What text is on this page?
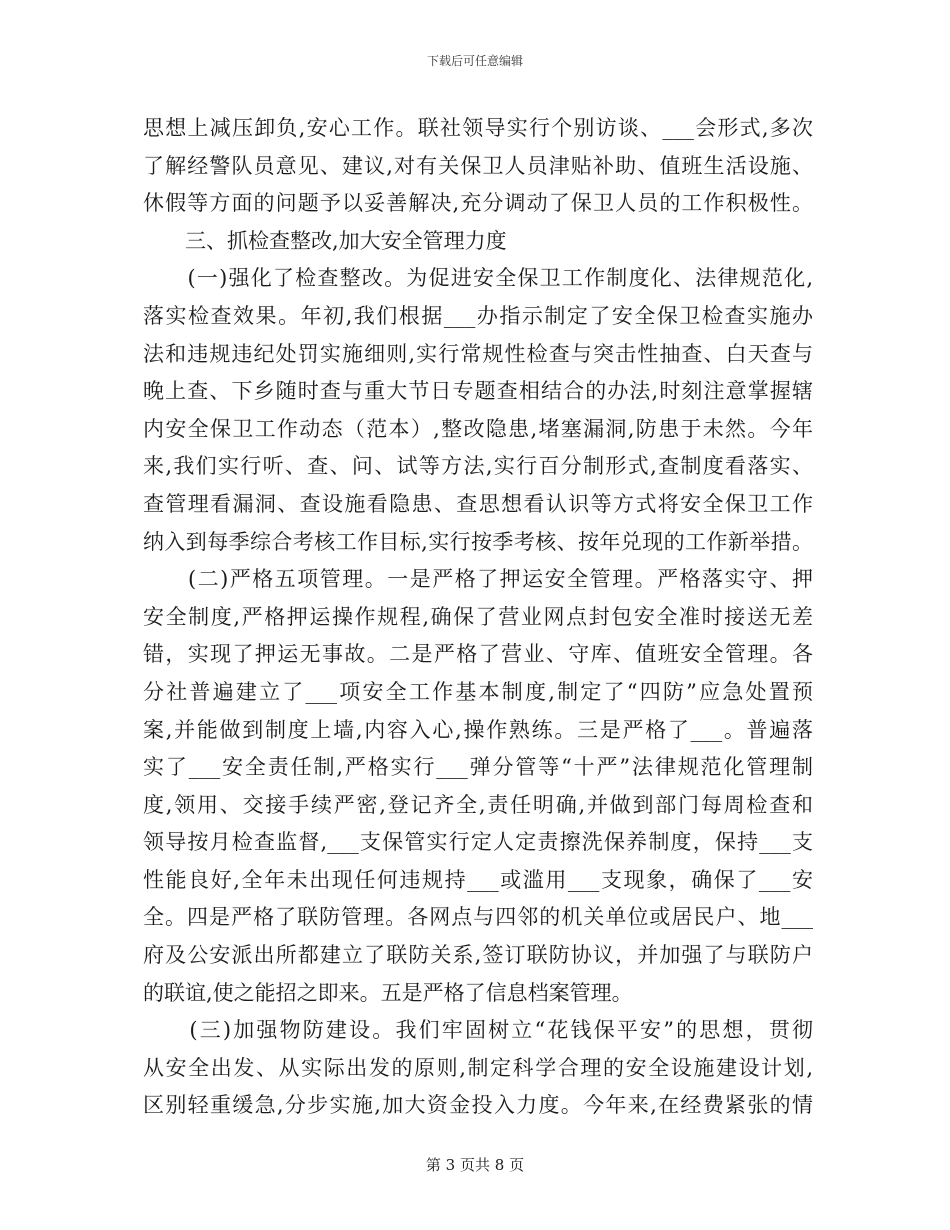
下载后可任意编辑
思想上减压卸负,安心工作。联社领导实行个别访谈、___会形式,多次
了解经警队员意见、建议,对有关保卫人员津贴补助、值班生活设施、
休假等方面的问题予以妥善解决,充分调动了保卫人员的工作积极性。
　　三、抓检查整改,加大安全管理力度
　　(一)强化了检查整改。为促进安全保卫工作制度化、法律规范化,
落实检查效果。年初,我们根据___办指示制定了安全保卫检查实施办
法和违规违纪处罚实施细则,实行常规性检查与突击性抽查、白天查与
晚上查、下乡随时查与重大节日专题查相结合的办法,时刻注意掌握辖
内安全保卫工作动态（范本）,整改隐患,堵塞漏洞,防患于未然。今年
来,我们实行听、查、问、试等方法,实行百分制形式,查制度看落实、
查管理看漏洞、查设施看隐患、查思想看认识等方式将安全保卫工作
纳入到每季综合考核工作目标,实行按季考核、按年兑现的工作新举措。
　　(二)严格五项管理。一是严格了押运安全管理。严格落实守、押
安全制度,严格押运操作规程,确保了营业网点封包安全准时接送无差
错，实现了押运无事故。二是严格了营业、守库、值班安全管理。各
分社普遍建立了___项安全工作基本制度,制定了“四防”应急处置预
案,并能做到制度上墙,内容入心,操作熟练。三是严格了___。普遍落
实了___安全责任制,严格实行___弹分管等“十严”法律规范化管理制
度,领用、交接手续严密,登记齐全,责任明确,并做到部门每周检查和
领导按月检查监督,___支保管实行定人定责擦洗保养制度，保持___支
性能良好,全年未出现任何违规持___或滥用___支现象，确保了___安
全。四是严格了联防管理。各网点与四邻的机关单位或居民户、地___
府及公安派出所都建立了联防关系,签订联防协议，并加强了与联防户
的联谊,使之能招之即来。五是严格了信息档案管理。
　　(三)加强物防建设。我们牢固树立“花钱保平安”的思想，贯彻
从安全出发、从实际出发的原则,制定科学合理的安全设施建设计划,
区别轻重缓急,分步实施,加大资金投入力度。今年来,在经费紧张的情
第 3 页共 8 页
